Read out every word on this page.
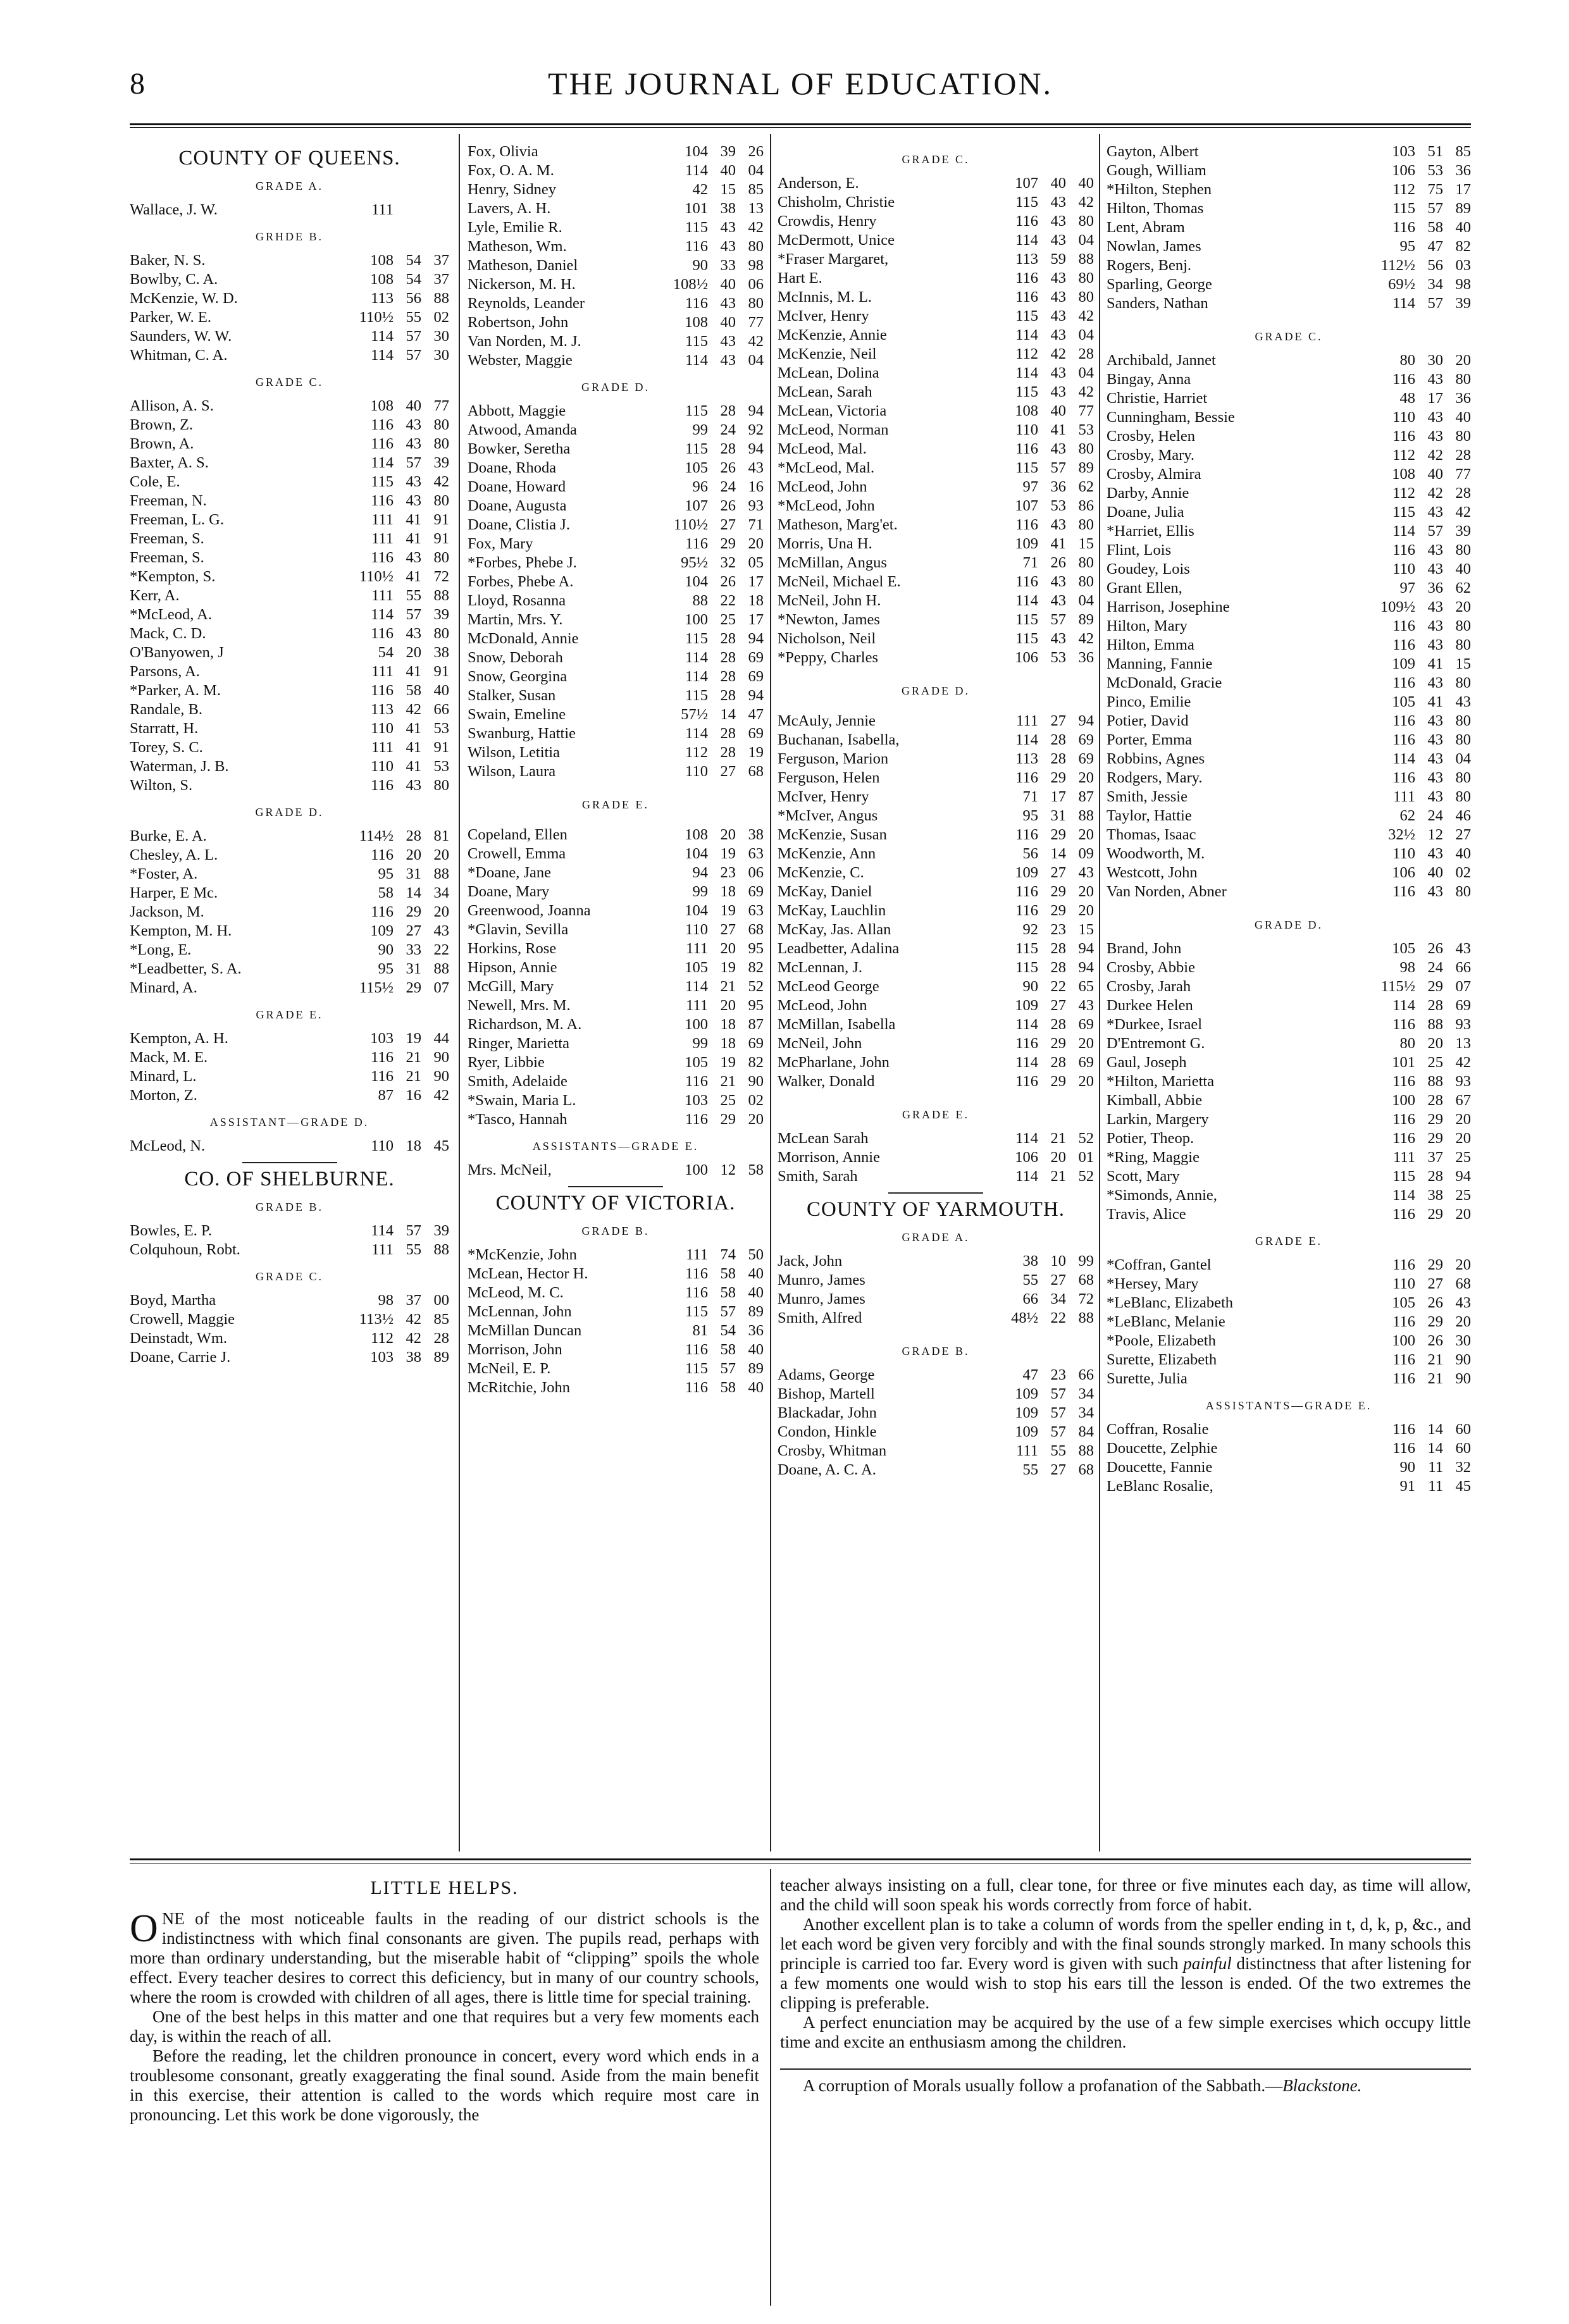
8	THE JOURNAL OF EDUCATION.
COUNTY OF QUEENS.
GRADE A.
Wallace, J. W.	111
GRHDE B.
Baker, N. S.	108 54 37
Bowlby, C. A.	108 54 37
McKenzie, W. D.	113 56 88
Parker, W. E.	110½ 55 02
Saunders, W. W.	114 57 30
Whitman, C. A.	114 57 30
GRADE C.
Allison, A. S.	108 40 77
Brown, Z.	116 43 80
Brown, A.	116 43 80
Baxter, A. S.	114 57 39
Cole, E.	115 43 42
Freeman, N.	116 43 80
Freeman, L. G.	111 41 91
Freeman, S.	111 41 91
Freeman, S.	116 43 80
*Kempton, S.	110½ 41 72
Kerr, A.	111 55 88
*McLeod, A.	114 57 39
Mack, C. D.	116 43 80
O'Banyowen, J	54 20 38
Parsons, A.	111 41 91
*Parker, A. M.	116 58 40
Randale, B.	113 42 66
Starratt, H.	110 41 53
Torey, S. C.	111 41 91
Waterman, J. B.	110 41 53
Wilton, S.	116 43 80
GRADE D.
Burke, E. A.	114½ 28 81
Chesley, A. L.	116 20 20
*Foster, A.	95 31 88
Harper, E Mc.	58 14 34
Jackson, M.	116 29 20
Kempton, M. H.	109 27 43
*Long, E.	90 33 22
*Leadbetter, S. A.	95 31 88
Minard, A.	115½ 29 07
GRADE E.
Kempton, A. H.	103 19 44
Mack, M. E.	116 21 90
Minard, L.	116 21 90
Morton, Z.	87 16 42
ASSISTANT—GRADE D.
McLeod, N.	110 18 45
CO. OF SHELBURNE.
GRADE B.
Bowles, E. P.	114 57 39
Colquhoun, Robt.	111 55 88
GRADE C.
Boyd, Martha	98 37 00
Crowell, Maggie	113½ 42 85
Deinstadt, Wm.	112 42 28
Doane, Carrie J.	103 38 89
Fox, Olivia	104 39 26
Fox, O. A. M.	114 40 04
Henry, Sidney	42 15 85
Lavers, A. H.	101 38 13
Lyle, Emilie R.	115 43 42
Matheson, Wm.	116 43 80
Matheson, Daniel	90 33 98
Nickerson, M. H.	108½ 40 06
Reynolds, Leander	116 43 80
Robertson, John	108 40 77
Van Norden, M. J.	115 43 42
Webster, Maggie	114 43 04
GRADE D.
Abbott, Maggie	115 28 94
Atwood, Amanda	99 24 92
Bowker, Seretha	115 28 94
Doane, Rhoda	105 26 43
Doane, Howard	96 24 16
Doane, Augusta	107 26 93
Doane, Clistia J.	110½ 27 71
Fox, Mary	116 29 20
*Forbes, Phebe J.	95½ 32 05
Forbes, Phebe A.	104 26 17
Lloyd, Rosanna	88 22 18
Martin, Mrs. Y.	100 25 17
McDonald, Annie	115 28 94
Snow, Deborah	114 28 69
Snow, Georgina	114 28 69
Stalker, Susan	115 28 94
Swain, Emeline	57½ 14 47
Swanburg, Hattie	114 28 69
Wilson, Letitia	112 28 19
Wilson, Laura	110 27 68
GRADE E.
Copeland, Ellen	108 20 38
Crowell, Emma	104 19 63
*Doane, Jane	94 23 06
Doane, Mary	99 18 69
Greenwood, Joanna	104 19 63
*Glavin, Sevilla	110 27 68
Horkins, Rose	111 20 95
Hipson, Annie	105 19 82
McGill, Mary	114 21 52
Newell, Mrs. M.	111 20 95
Richardson, M. A.	100 18 87
Ringer, Marietta	99 18 69
Ryer, Libbie	105 19 82
Smith, Adelaide	116 21 90
*Swain, Maria L.	103 25 02
*Tasco, Hannah	116 29 20
ASSISTANTS—GRADE E.
Mrs. McNeil,	100 12 58
COUNTY OF VICTORIA.
GRADE B.
*McKenzie, John	111 74 50
McLean, Hector H.	116 58 40
McLeod, M. C.	116 58 40
McLennan, John	115 57 89
McMillan Duncan	81 54 36
Morrison, John	116 58 40
McNeil, E. P.	115 57 89
McRitchie, John	116 58 40
GRADE C.
Anderson, E.	107 40 40
Chisholm, Christie	115 43 42
Crowdis, Henry	116 43 80
McDermott, Unice	114 43 04
*Fraser Margaret,	113 59 88
Hart E.	116 43 80
McInnis, M. L.	116 43 80
McIver, Henry	115 43 42
McKenzie, Annie	114 43 04
McKenzie, Neil	112 42 28
McLean, Dolina	114 43 04
McLean, Sarah	115 43 42
McLean, Victoria	108 40 77
McLeod, Norman	110 41 53
McLeod, Mal.	116 43 80
*McLeod, Mal.	115 57 89
McLeod, John	97 36 62
*McLeod, John	107 53 86
Matheson, Marg'et.	116 43 80
Morris, Una H.	109 41 15
McMillan, Angus	71 26 80
McNeil, Michael E.	116 43 80
McNeil, John H.	114 43 04
*Newton, James	115 57 89
Nicholson, Neil	115 43 42
*Peppy, Charles	106 53 36
GRADE D.
McAuly, Jennie	111 27 94
Buchanan, Isabella,	114 28 69
Ferguson, Marion	113 28 69
Ferguson, Helen	116 29 20
McIver, Henry	71 17 87
*McIver, Angus	95 31 88
McKenzie, Susan	116 29 20
McKenzie, Ann	56 14 09
McKenzie, C.	109 27 43
McKay, Daniel	116 29 20
McKay, Lauchlin	116 29 20
McKay, Jas. Allan	92 23 15
Leadbetter, Adalina	115 28 94
McLennan, J.	115 28 94
McLeod George	90 22 65
McLeod, John	109 27 43
McMillan, Isabella	114 28 69
McNeil, John	116 29 20
McPharlane, John	114 28 69
Walker, Donald	116 29 20
GRADE E.
McLean Sarah	114 21 52
Morrison, Annie	106 20 01
Smith, Sarah	114 21 52
COUNTY OF YARMOUTH.
GRADE A.
Jack, John	38 10 99
Munro, James	55 27 68
Munro, James	66 34 72
Smith, Alfred	48½ 22 88
GRADE B.
Adams, George	47 23 66
Bishop, Martell	109 57 34
Blackadar, John	109 57 34
Condon, Hinkle	109 57 84
Crosby, Whitman	111 55 88
Doane, A. C. A.	55 27 68
Gayton, Albert	103 51 85
Gough, William	106 53 36
*Hilton, Stephen	112 75 17
Hilton, Thomas	115 57 89
Lent, Abram	116 58 40
Nowlan, James	95 47 82
Rogers, Benj.	112½ 56 03
Sparling, George	69½ 34 98
Sanders, Nathan	114 57 39
GRADE C.
Archibald, Jannet	80 30 20
Bingay, Anna	116 43 80
Christie, Harriet	48 17 36
Cunningham, Bessie	110 43 40
Crosby, Helen	116 43 80
Crosby, Mary.	112 42 28
Crosby, Almira	108 40 77
Darby, Annie	112 42 28
Doane, Julia	115 43 42
*Harriet, Ellis	114 57 39
Flint, Lois	116 43 80
Goudey, Lois	110 43 40
Grant Ellen,	97 36 62
Harrison, Josephine	109½ 43 20
Hilton, Mary	116 43 80
Hilton, Emma	116 43 80
Manning, Fannie	109 41 15
McDonald, Gracie	116 43 80
Pinco, Emilie	105 41 43
Potier, David	116 43 80
Porter, Emma	116 43 80
Robbins, Agnes	114 43 04
Rodgers, Mary.	116 43 80
Smith, Jessie	111 43 80
Taylor, Hattie	62 24 46
Thomas, Isaac	32½ 12 27
Woodworth, M.	110 43 40
Westcott, John	106 40 02
Van Norden, Abner	116 43 80
GRADE D.
Brand, John	105 26 43
Crosby, Abbie	98 24 66
Crosby, Jarah	115½ 29 07
Durkee Helen	114 28 69
*Durkee, Israel	116 88 93
D'Entremont G.	80 20 13
Gaul, Joseph	101 25 42
*Hilton, Marietta	116 88 93
Kimball, Abbie	100 28 67
Larkin, Margery	116 29 20
Potier, Theop.	116 29 20
*Ring, Maggie	111 37 25
Scott, Mary	115 28 94
*Simonds, Annie,	114 38 25
Travis, Alice	116 29 20
GRADE E.
*Coffran, Gantel	116 29 20
*Hersey, Mary	110 27 68
*LeBlanc, Elizabeth	105 26 43
*LeBlanc, Melanie	116 29 20
*Poole, Elizabeth	100 26 30
Surette, Elizabeth	116 21 90
Surette, Julia	116 21 90
ASSISTANTS—GRADE E.
Coffran, Rosalie	116 14 60
Doucette, Zelphie	116 14 60
Doucette, Fannie	90 11 32
LeBlanc Rosalie,	91 11 45
LITTLE HELPS.

ONE of the most noticeable faults in the reading of our district schools is the indistinctness with which final consonants are given. The pupils read, perhaps with more than ordinary understanding, but the miserable habit of “clipping” spoils the whole effect. Every teacher desires to correct this deficiency, but in many of our country schools, where the room is crowded with children of all ages, there is little time for special training.

One of the best helps in this matter and one that requires but a very few moments each day, is within the reach of all.

Before the reading, let the children pronounce in concert, every word which ends in a troublesome consonant, greatly exaggerating the final sound. Aside from the main benefit in this exercise, their attention is called to the words which require most care in pronouncing. Let this work be done vigorously, the

teacher always insisting on a full, clear tone, for three or five minutes each day, as time will allow, and the child will soon speak his words correctly from force of habit.

Another excellent plan is to take a column of words from the speller ending in t, d, k, p, &c., and let each word be given very forcibly and with the final sounds strongly marked. In many schools this principle is carried too far. Every word is given with such painful distinctness that after listening for a few moments one would wish to stop his ears till the lesson is ended. Of the two extremes the clipping is preferable.

A perfect enunciation may be acquired by the use of a few simple exercises which occupy little time and excite an enthusiasm among the children.

A corruption of Morals usually follow a profanation of the Sabbath.—Blackstone.
